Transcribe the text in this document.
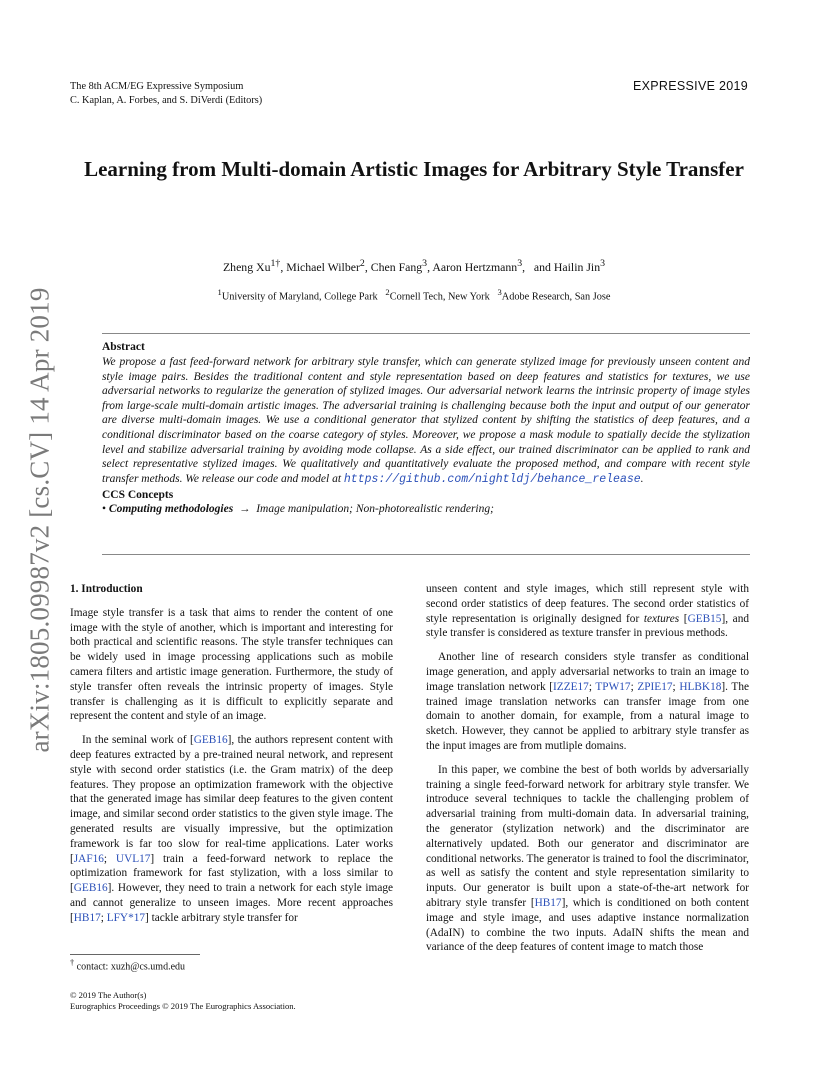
arXiv:1805.09987v2 [cs.CV] 14 Apr 2019
The 8th ACM/EG Expressive Symposium
C. Kaplan, A. Forbes, and S. DiVerdi (Editors)
EXPRESSIVE 2019
Learning from Multi-domain Artistic Images for Arbitrary Style Transfer
Zheng $Xu^{1\dagger}$, Michael Wilber$^2$, Chen Fang$^3$, Aaron Hertzmann$^3$,   and Hailin Jin$^3$
$^1$University of Maryland, College Park $^2$Cornell Tech, New York $^3$Adobe Research, San Jose
Abstract
We propose a fast feed-forward network for arbitrary style transfer, which can generate stylized image for previously unseen content and style image pairs. Besides the traditional content and style representation based on deep features and statistics for textures, we use adversarial networks to regularize the generation of stylized images. Our adversarial network learns the intrinsic property of image styles from large-scale multi-domain artistic images. The adversarial training is challenging because both the input and output of our generator are diverse multi-domain images. We use a conditional generator that stylized content by shifting the statistics of deep features, and a conditional discriminator based on the coarse category of styles. Moreover, we propose a mask module to spatially decide the stylization level and stabilize adversarial training by avoiding mode collapse. As a side effect, our trained discriminator can be applied to rank and select representative stylized images. We qualitatively and quantitatively evaluate the proposed method, and compare with recent style transfer methods. We release our code and model at https://github.com/nightldj/behance_release.
CCS Concepts
• Computing methodologies → Image manipulation; Non-photorealistic rendering;
1. Introduction

Image style transfer is a task that aims to render the content of one image with the style of another, which is important and interesting for both practical and scientific reasons. The style transfer techniques can be widely used in image processing applications such as mobile camera filters and artistic image generation. Furthermore, the study of style transfer often reveals the intrinsic property of images. Style transfer is challenging as it is difficult to explicitly separate and represent the content and style of an image.

In the seminal work of [GEB16], the authors represent content with deep features extracted by a pre-trained neural network, and represent style with second order statistics (i.e. the Gram matrix) of the deep features. They propose an optimization framework with the objective that the generated image has similar deep features to the given content image, and similar second order statistics to the given style image. The generated results are visually impressive, but the optimization framework is far too slow for real-time applications. Later works [JAF16; UVL17] train a feed-forward network to replace the optimization framework for fast stylization, with a loss similar to [GEB16]. However, they need to train a network for each style image and cannot generalize to unseen images. More recent approaches [HB17; LFY*17] tackle arbitrary style transfer for

unseen content and style images, which still represent style with second order statistics of deep features. The second order statistics of style representation is originally designed for textures [GEB15], and style transfer is considered as texture transfer in previous methods.

Another line of research considers style transfer as conditional image generation, and apply adversarial networks to train an image to image translation network [IZZE17; TPW17; ZPIE17; HLBK18]. The trained image translation networks can transfer image from one domain to another domain, for example, from a natural image to sketch. However, they cannot be applied to arbitrary style transfer as the input images are from mutliple domains.

In this paper, we combine the best of both worlds by adversarially training a single feed-forward network for arbitrary style transfer. We introduce several techniques to tackle the challenging problem of adversarial training from multi-domain data. In adversarial training, the generator (stylization network) and the discriminator are alternatively updated. Both our generator and discriminator are conditional networks. The generator is trained to fool the discriminator, as well as satisfy the content and style representation similarity to inputs. Our generator is built upon a state-of-the-art network for abitrary style transfer [HB17], which is conditioned on both content image and style image, and uses adaptive instance normalization (AdaIN) to combine the two inputs. AdaIN shifts the mean and variance of the deep features of content image to match those

† contact: xuzh@cs.umd.edu
© 2019 The Author(s)
Eurographics Proceedings © 2019 The Eurographics Association.
